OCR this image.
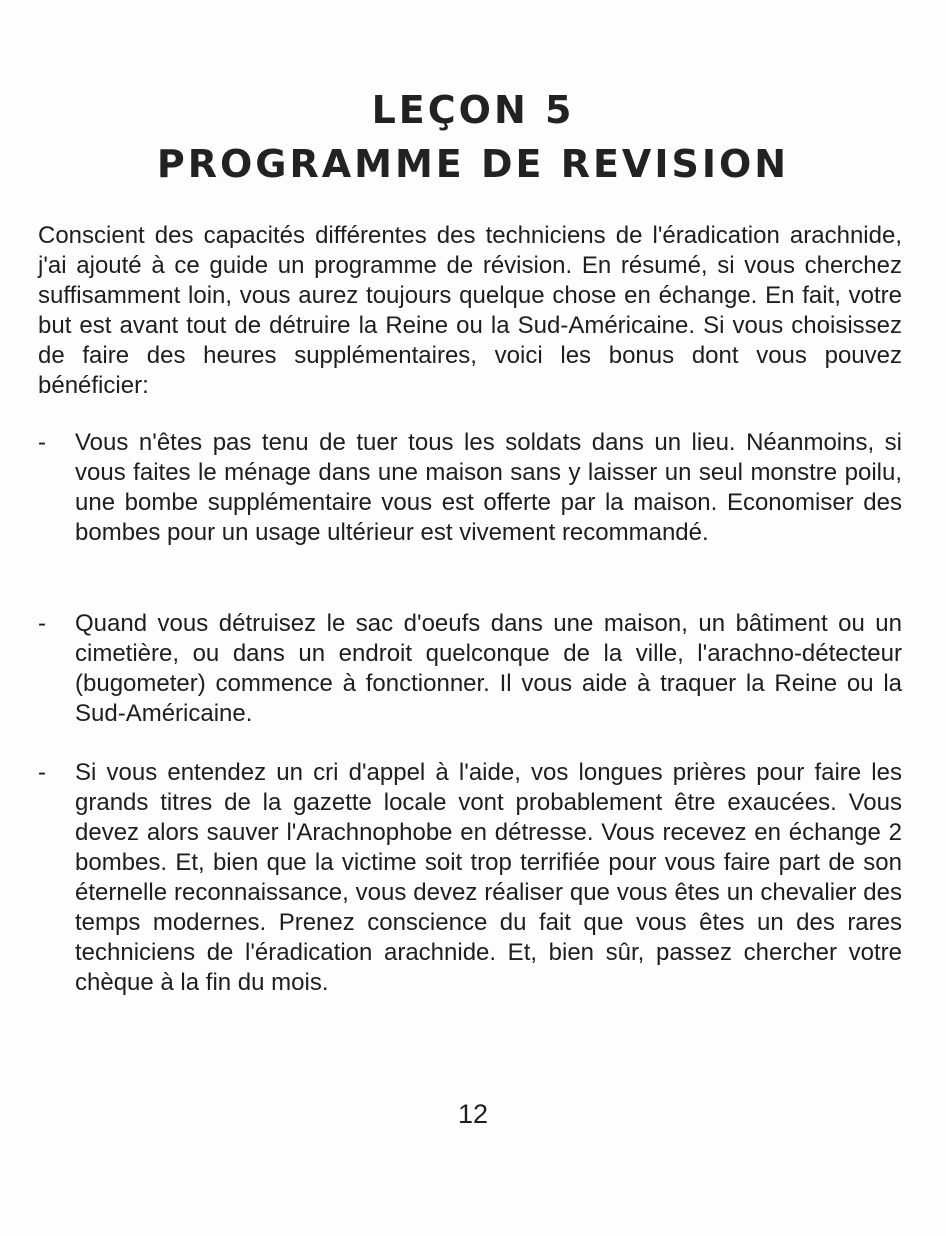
LEÇON 5
PROGRAMME DE REVISION

Conscient des capacités différentes des techniciens de l'éradication arachnide, j'ai ajouté à ce guide un programme de révision. En résumé, si vous cherchez suffisamment loin, vous aurez toujours quelque chose en échange. En fait, votre but est avant tout de détruire la Reine ou la Sud-Américaine. Si vous choisissez de faire des heures supplémentaires, voici les bonus dont vous pouvez bénéficier:

- Vous n'êtes pas tenu de tuer tous les soldats dans un lieu. Néanmoins, si vous faites le ménage dans une maison sans y laisser un seul monstre poilu, une bombe supplémentaire vous est offerte par la maison. Economiser des bombes pour un usage ultérieur est vivement recommandé.

- Quand vous détruisez le sac d'oeufs dans une maison, un bâtiment ou un cimetière, ou dans un endroit quelconque de la ville, l'arachno-détecteur (bugometer) commence à fonctionner. Il vous aide à traquer la Reine ou la Sud-Américaine.

- Si vous entendez un cri d'appel à l'aide, vos longues prières pour faire les grands titres de la gazette locale vont probablement être exaucées. Vous devez alors sauver l'Arachnophobe en détresse. Vous recevez en échange 2 bombes. Et, bien que la victime soit trop terrifiée pour vous faire part de son éternelle reconnaissance, vous devez réaliser que vous êtes un chevalier des temps modernes. Prenez conscience du fait que vous êtes un des rares techniciens de l'éradication arachnide. Et, bien sûr, passez chercher votre chèque à la fin du mois.

12
